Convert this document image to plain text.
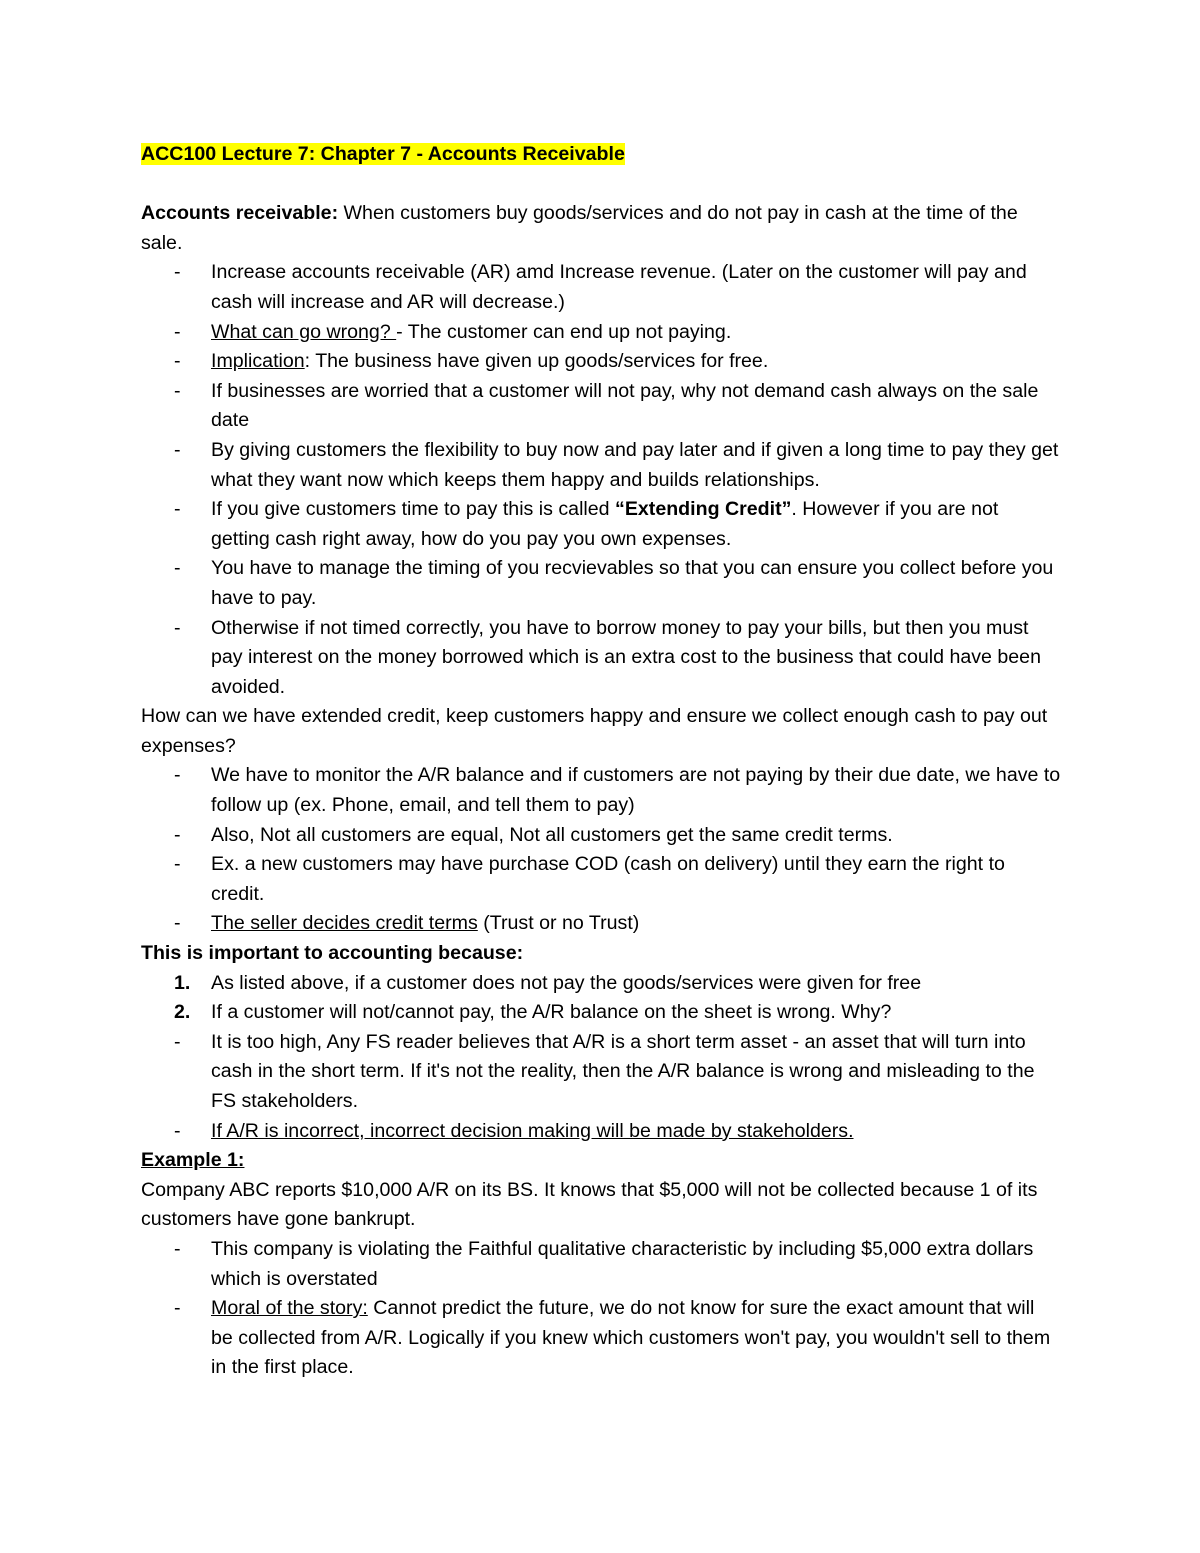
ACC100 Lecture 7: Chapter 7 - Accounts Receivable

Accounts receivable: When customers buy goods/services and do not pay in cash at the time of the sale.

- Increase accounts receivable (AR) amd Increase revenue. (Later on the customer will pay and cash will increase and AR will decrease.)
- What can go wrong? - The customer can end up not paying.
- Implication: The business have given up goods/services for free.
- If businesses are worried that a customer will not pay, why not demand cash always on the sale date
- By giving customers the flexibility to buy now and pay later and if given a long time to pay they get what they want now which keeps them happy and builds relationships.
- If you give customers time to pay this is called “Extending Credit”. However if you are not getting cash right away, how do you pay you own expenses.
- You have to manage the timing of you recvievables so that you can ensure you collect before you have to pay.
- Otherwise if not timed correctly, you have to borrow money to pay your bills, but then you must pay interest on the money borrowed which is an extra cost to the business that could have been avoided.

How can we have extended credit, keep customers happy and ensure we collect enough cash to pay out expenses?

- We have to monitor the A/R balance and if customers are not paying by their due date, we have to follow up (ex. Phone, email, and tell them to pay)
- Also, Not all customers are equal, Not all customers get the same credit terms.
- Ex. a new customers may have purchase COD (cash on delivery) until they earn the right to credit.
- The seller decides credit terms (Trust or no Trust)

This is important to accounting because:

1. As listed above, if a customer does not pay the goods/services were given for free
2. If a customer will not/cannot pay, the A/R balance on the sheet is wrong. Why?
- It is too high, Any FS reader believes that A/R is a short term asset - an asset that will turn into cash in the short term. If it's not the reality, then the A/R balance is wrong and misleading to the FS stakeholders.
- If A/R is incorrect, incorrect decision making will be made by stakeholders.

Example 1:

Company ABC reports $10,000 A/R on its BS. It knows that $5,000 will not be collected because 1 of its customers have gone bankrupt.

- This company is violating the Faithful qualitative characteristic by including $5,000 extra dollars which is overstated
- Moral of the story: Cannot predict the future, we do not know for sure the exact amount that will be collected from A/R. Logically if you knew which customers won't pay, you wouldn't sell to them in the first place.
